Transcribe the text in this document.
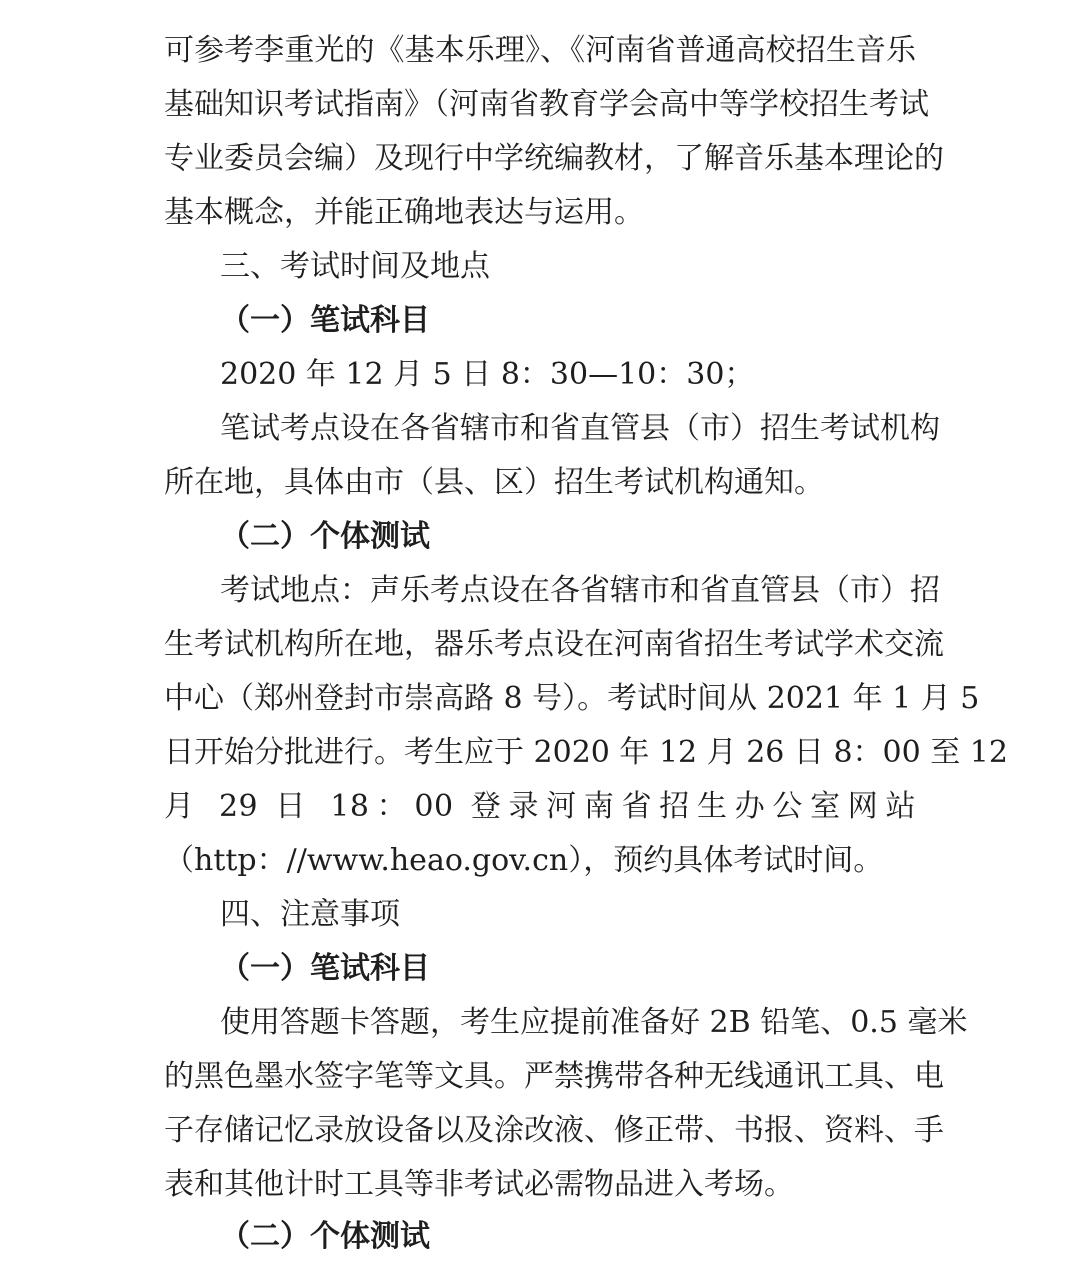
可参考李重光的《基本乐理》、《河南省普通高校招生音乐
基础知识考试指南》（河南省教育学会高中等学校招生考试
专业委员会编）及现行中学统编教材，了解音乐基本理论的
基本概念，并能正确地表达与运用。
三、考试时间及地点
（一）笔试科目
2020 年 12 月 5 日 8：30—10：30；
笔试考点设在各省辖市和省直管县（市）招生考试机构
所在地，具体由市（县、区）招生考试机构通知。
（二）个体测试
考试地点：声乐考点设在各省辖市和省直管县（市）招
生考试机构所在地，器乐考点设在河南省招生考试学术交流
中心（郑州登封市崇高路 8 号）。考试时间从 2021 年 1 月 5
日开始分批进行。考生应于 2020 年 12 月 26 日 8：00 至 12
月 29 日 18：00 登录河南省招生办公室网站
（http：//www.heao.gov.cn），预约具体考试时间。
四、注意事项
（一）笔试科目
使用答题卡答题，考生应提前准备好 2B 铅笔、0.5 毫米
的黑色墨水签字笔等文具。严禁携带各种无线通讯工具、电
子存储记忆录放设备以及涂改液、修正带、书报、资料、手
表和其他计时工具等非考试必需物品进入考场。
（二）个体测试
